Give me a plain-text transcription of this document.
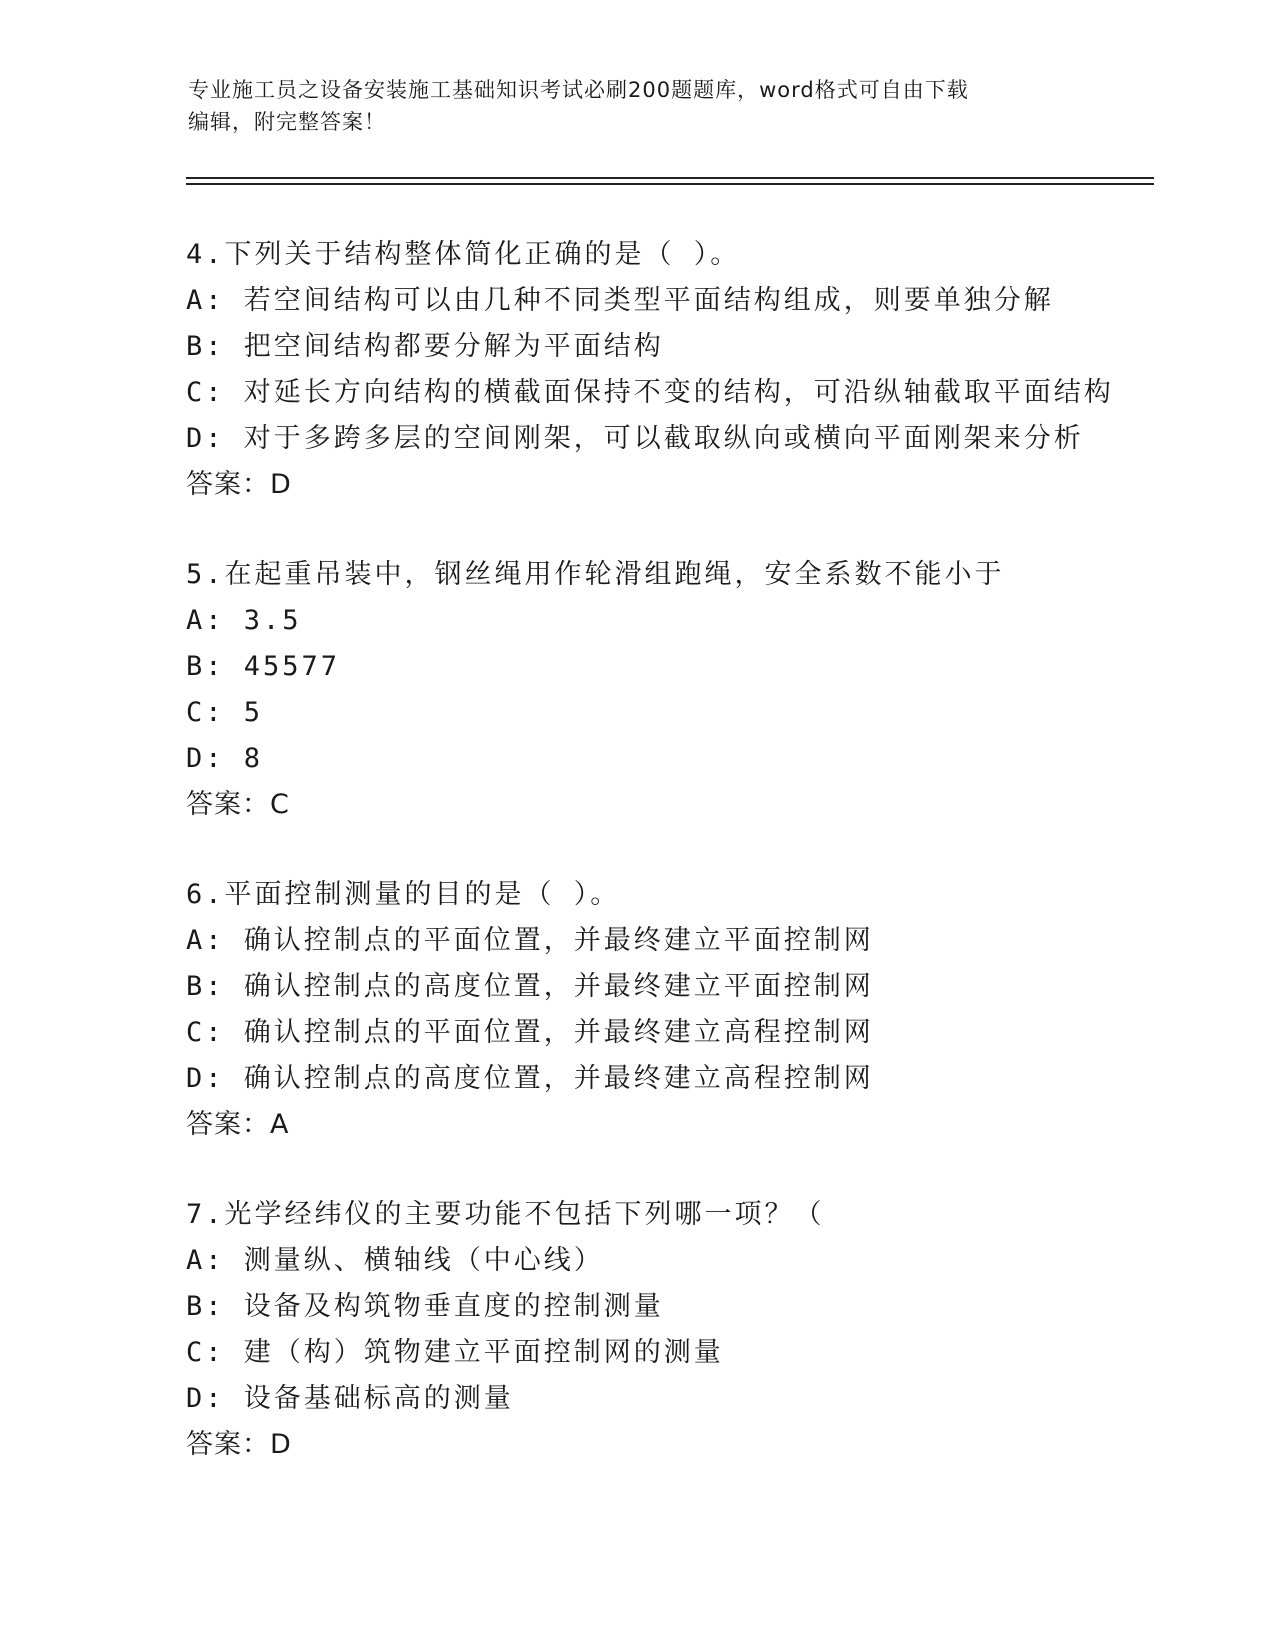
专业施工员之设备安装施工基础知识考试必刷200题题库，word格式可自由下载
编辑，附完整答案！
4.下列关于结构整体简化正确的是（ ）。
A: 若空间结构可以由几种不同类型平面结构组成，则要单独分解
B: 把空间结构都要分解为平面结构
C: 对延长方向结构的横截面保持不变的结构，可沿纵轴截取平面结构
D: 对于多跨多层的空间刚架，可以截取纵向或横向平面刚架来分析
答案：D
5.在起重吊装中，钢丝绳用作轮滑组跑绳，安全系数不能小于
A: 3.5
B: 45577
C: 5
D: 8
答案：C
6.平面控制测量的目的是（ ）。
A: 确认控制点的平面位置，并最终建立平面控制网
B: 确认控制点的高度位置，并最终建立平面控制网
C: 确认控制点的平面位置，并最终建立高程控制网
D: 确认控制点的高度位置，并最终建立高程控制网
答案：A
7.光学经纬仪的主要功能不包括下列哪一项？（
A: 测量纵、横轴线（中心线）
B: 设备及构筑物垂直度的控制测量
C: 建（构）筑物建立平面控制网的测量
D: 设备基础标高的测量
答案：D
